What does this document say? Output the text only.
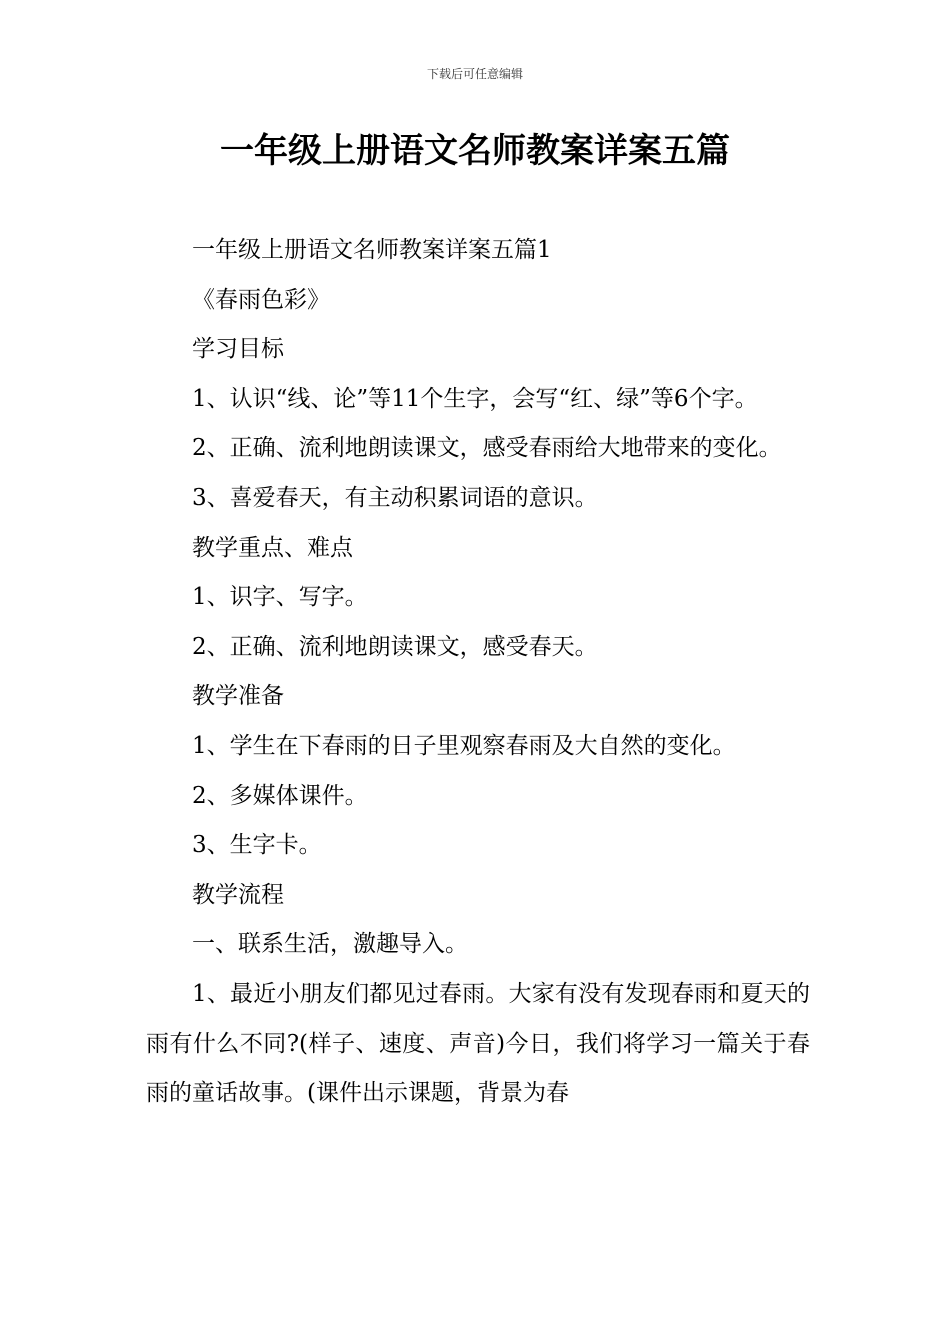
下载后可任意编辑
一年级上册语文名师教案详案五篇

一年级上册语文名师教案详案五篇1

《春雨色彩》

学习目标

1、认识“线、论”等11个生字，会写“红、绿”等6个字。

2、正确、流利地朗读课文，感受春雨给大地带来的变化。

3、喜爱春天，有主动积累词语的意识。

教学重点、难点

1、识字、写字。

2、正确、流利地朗读课文，感受春天。

教学准备

1、学生在下春雨的日子里观察春雨及大自然的变化。

2、多媒体课件。

3、生字卡。

教学流程

一、联系生活，激趣导入。

1、最近小朋友们都见过春雨。大家有没有发现春雨和夏天的雨有什么不同?(样子、速度、声音)今日，我们将学习一篇关于春雨的童话故事。(课件出示课题，背景为春
